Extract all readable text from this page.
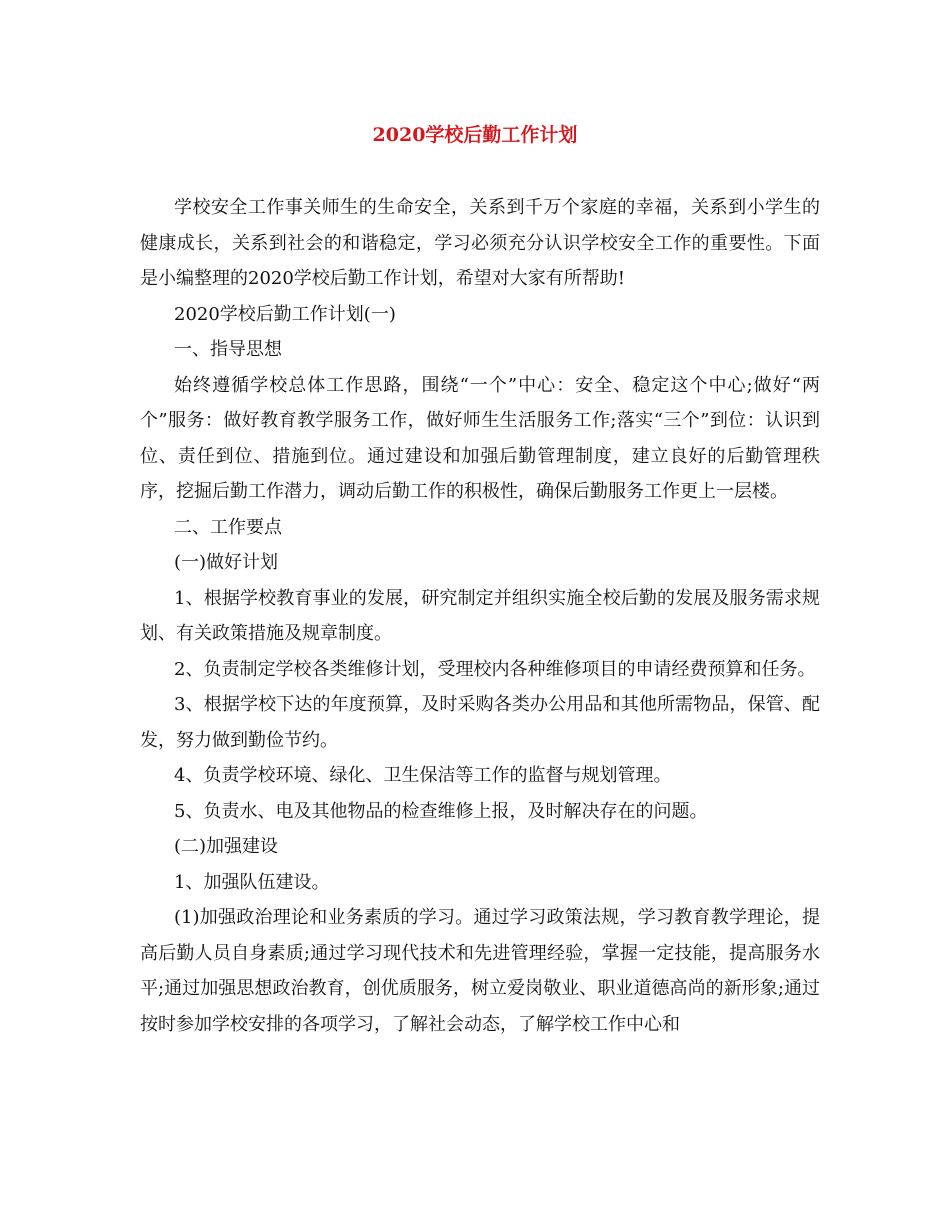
2020学校后勤工作计划

学校安全工作事关师生的生命安全，关系到千万个家庭的幸福，关系到小学生的健康成长，关系到社会的和谐稳定，学习必须充分认识学校安全工作的重要性。下面是小编整理的2020学校后勤工作计划，希望对大家有所帮助!

2020学校后勤工作计划(一)

一、指导思想

始终遵循学校总体工作思路，围绕“一个”中心：安全、稳定这个中心;做好“两个”服务：做好教育教学服务工作，做好师生生活服务工作;落实“三个”到位：认识到位、责任到位、措施到位。通过建设和加强后勤管理制度，建立良好的后勤管理秩序，挖掘后勤工作潜力，调动后勤工作的积极性，确保后勤服务工作更上一层楼。

二、工作要点

(一)做好计划

1、根据学校教育事业的发展，研究制定并组织实施全校后勤的发展及服务需求规划、有关政策措施及规章制度。

2、负责制定学校各类维修计划，受理校内各种维修项目的申请经费预算和任务。

3、根据学校下达的年度预算，及时采购各类办公用品和其他所需物品，保管、配发，努力做到勤俭节约。

4、负责学校环境、绿化、卫生保洁等工作的监督与规划管理。

5、负责水、电及其他物品的检查维修上报，及时解决存在的问题。

(二)加强建设

1、加强队伍建设。

(1)加强政治理论和业务素质的学习。通过学习政策法规，学习教育教学理论，提高后勤人员自身素质;通过学习现代技术和先进管理经验，掌握一定技能，提高服务水平;通过加强思想政治教育，创优质服务，树立爱岗敬业、职业道德高尚的新形象;通过按时参加学校安排的各项学习，了解社会动态，了解学校工作中心和
